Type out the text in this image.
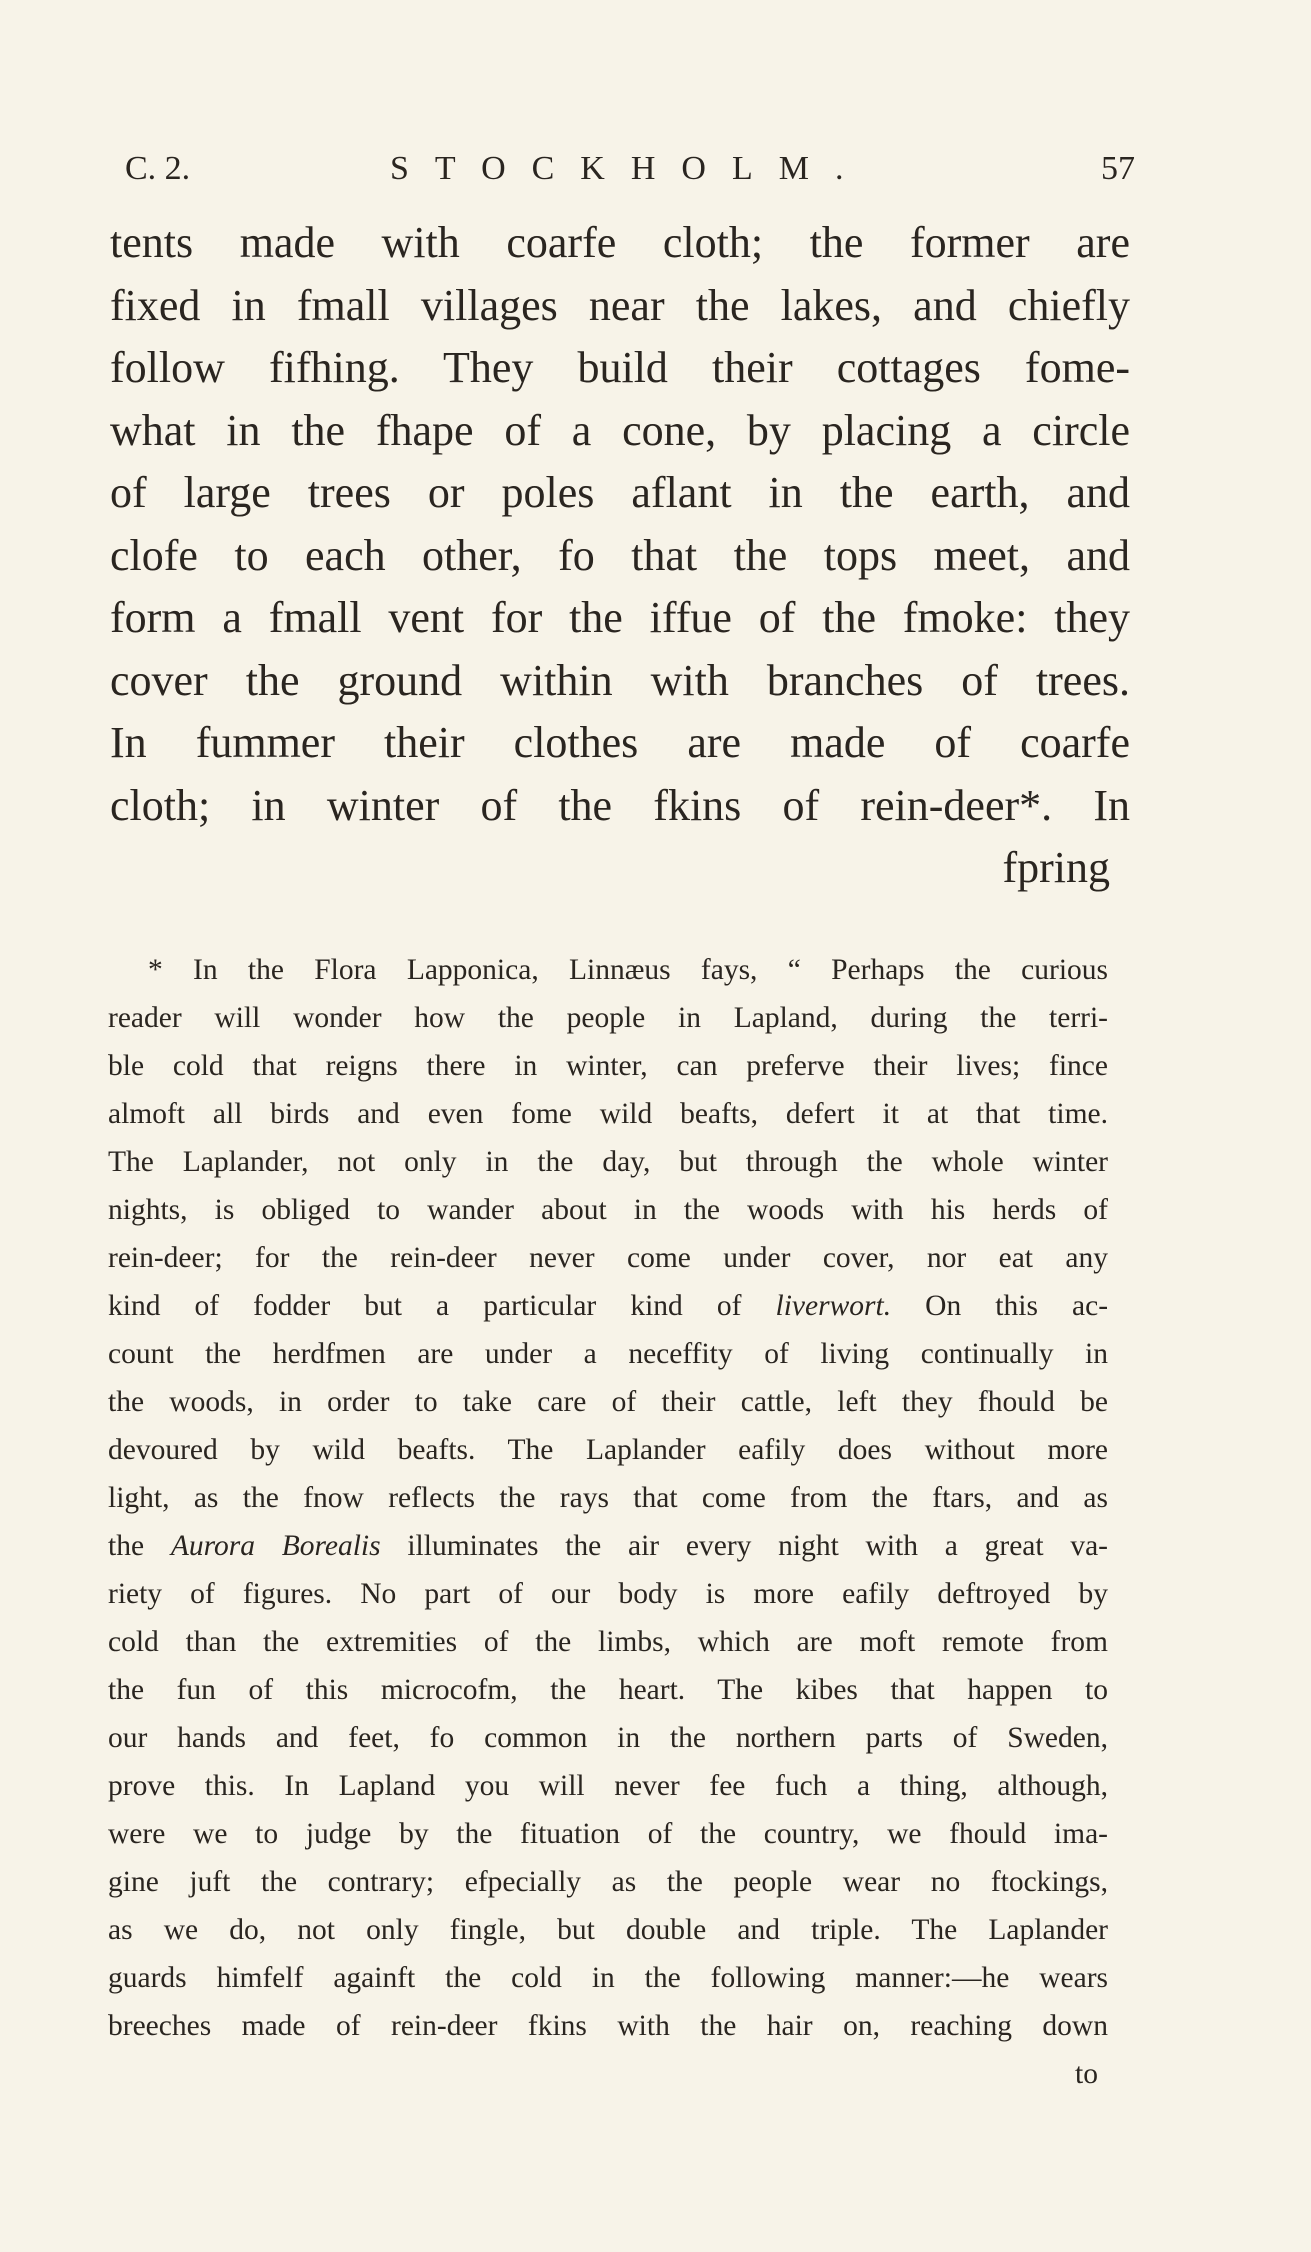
C. 2.	STOCKHOLM.	57
tents made with coarfe cloth; the former are
fixed in fmall villages near the lakes, and chiefly
follow fifhing. They build their cottages fome-
what in the fhape of a cone, by placing a circle
of large trees or poles aflant in the earth, and
clofe to each other, fo that the tops meet, and
form a fmall vent for the iffue of the fmoke: they
cover the ground within with branches of trees.
In fummer their clothes are made of coarfe
cloth; in winter of the fkins of rein-deer*. In
fpring
* In the Flora Lapponica, Linnæus fays, “ Perhaps the curious
reader will wonder how the people in Lapland, during the terri-
ble cold that reigns there in winter, can preferve their lives; fince
almoft all birds and even fome wild beafts, defert it at that time.
The Laplander, not only in the day, but through the whole winter
nights, is obliged to wander about in the woods with his herds of
rein-deer; for the rein-deer never come under cover, nor eat any
kind of fodder but a particular kind of liverwort. On this ac-
count the herdfmen are under a neceffity of living continually in
the woods, in order to take care of their cattle, left they fhould be
devoured by wild beafts. The Laplander eafily does without more
light, as the fnow reflects the rays that come from the ftars, and as
the Aurora Borealis illuminates the air every night with a great va-
riety of figures. No part of our body is more eafily deftroyed by
cold than the extremities of the limbs, which are moft remote from
the fun of this microcofm, the heart. The kibes that happen to
our hands and feet, fo common in the northern parts of Sweden,
prove this. In Lapland you will never fee fuch a thing, although,
were we to judge by the fituation of the country, we fhould ima-
gine juft the contrary; efpecially as the people wear no ftockings,
as we do, not only fingle, but double and triple. The Laplander
guards himfelf againft the cold in the following manner:—he wears
breeches made of rein-deer fkins with the hair on, reaching down
to
